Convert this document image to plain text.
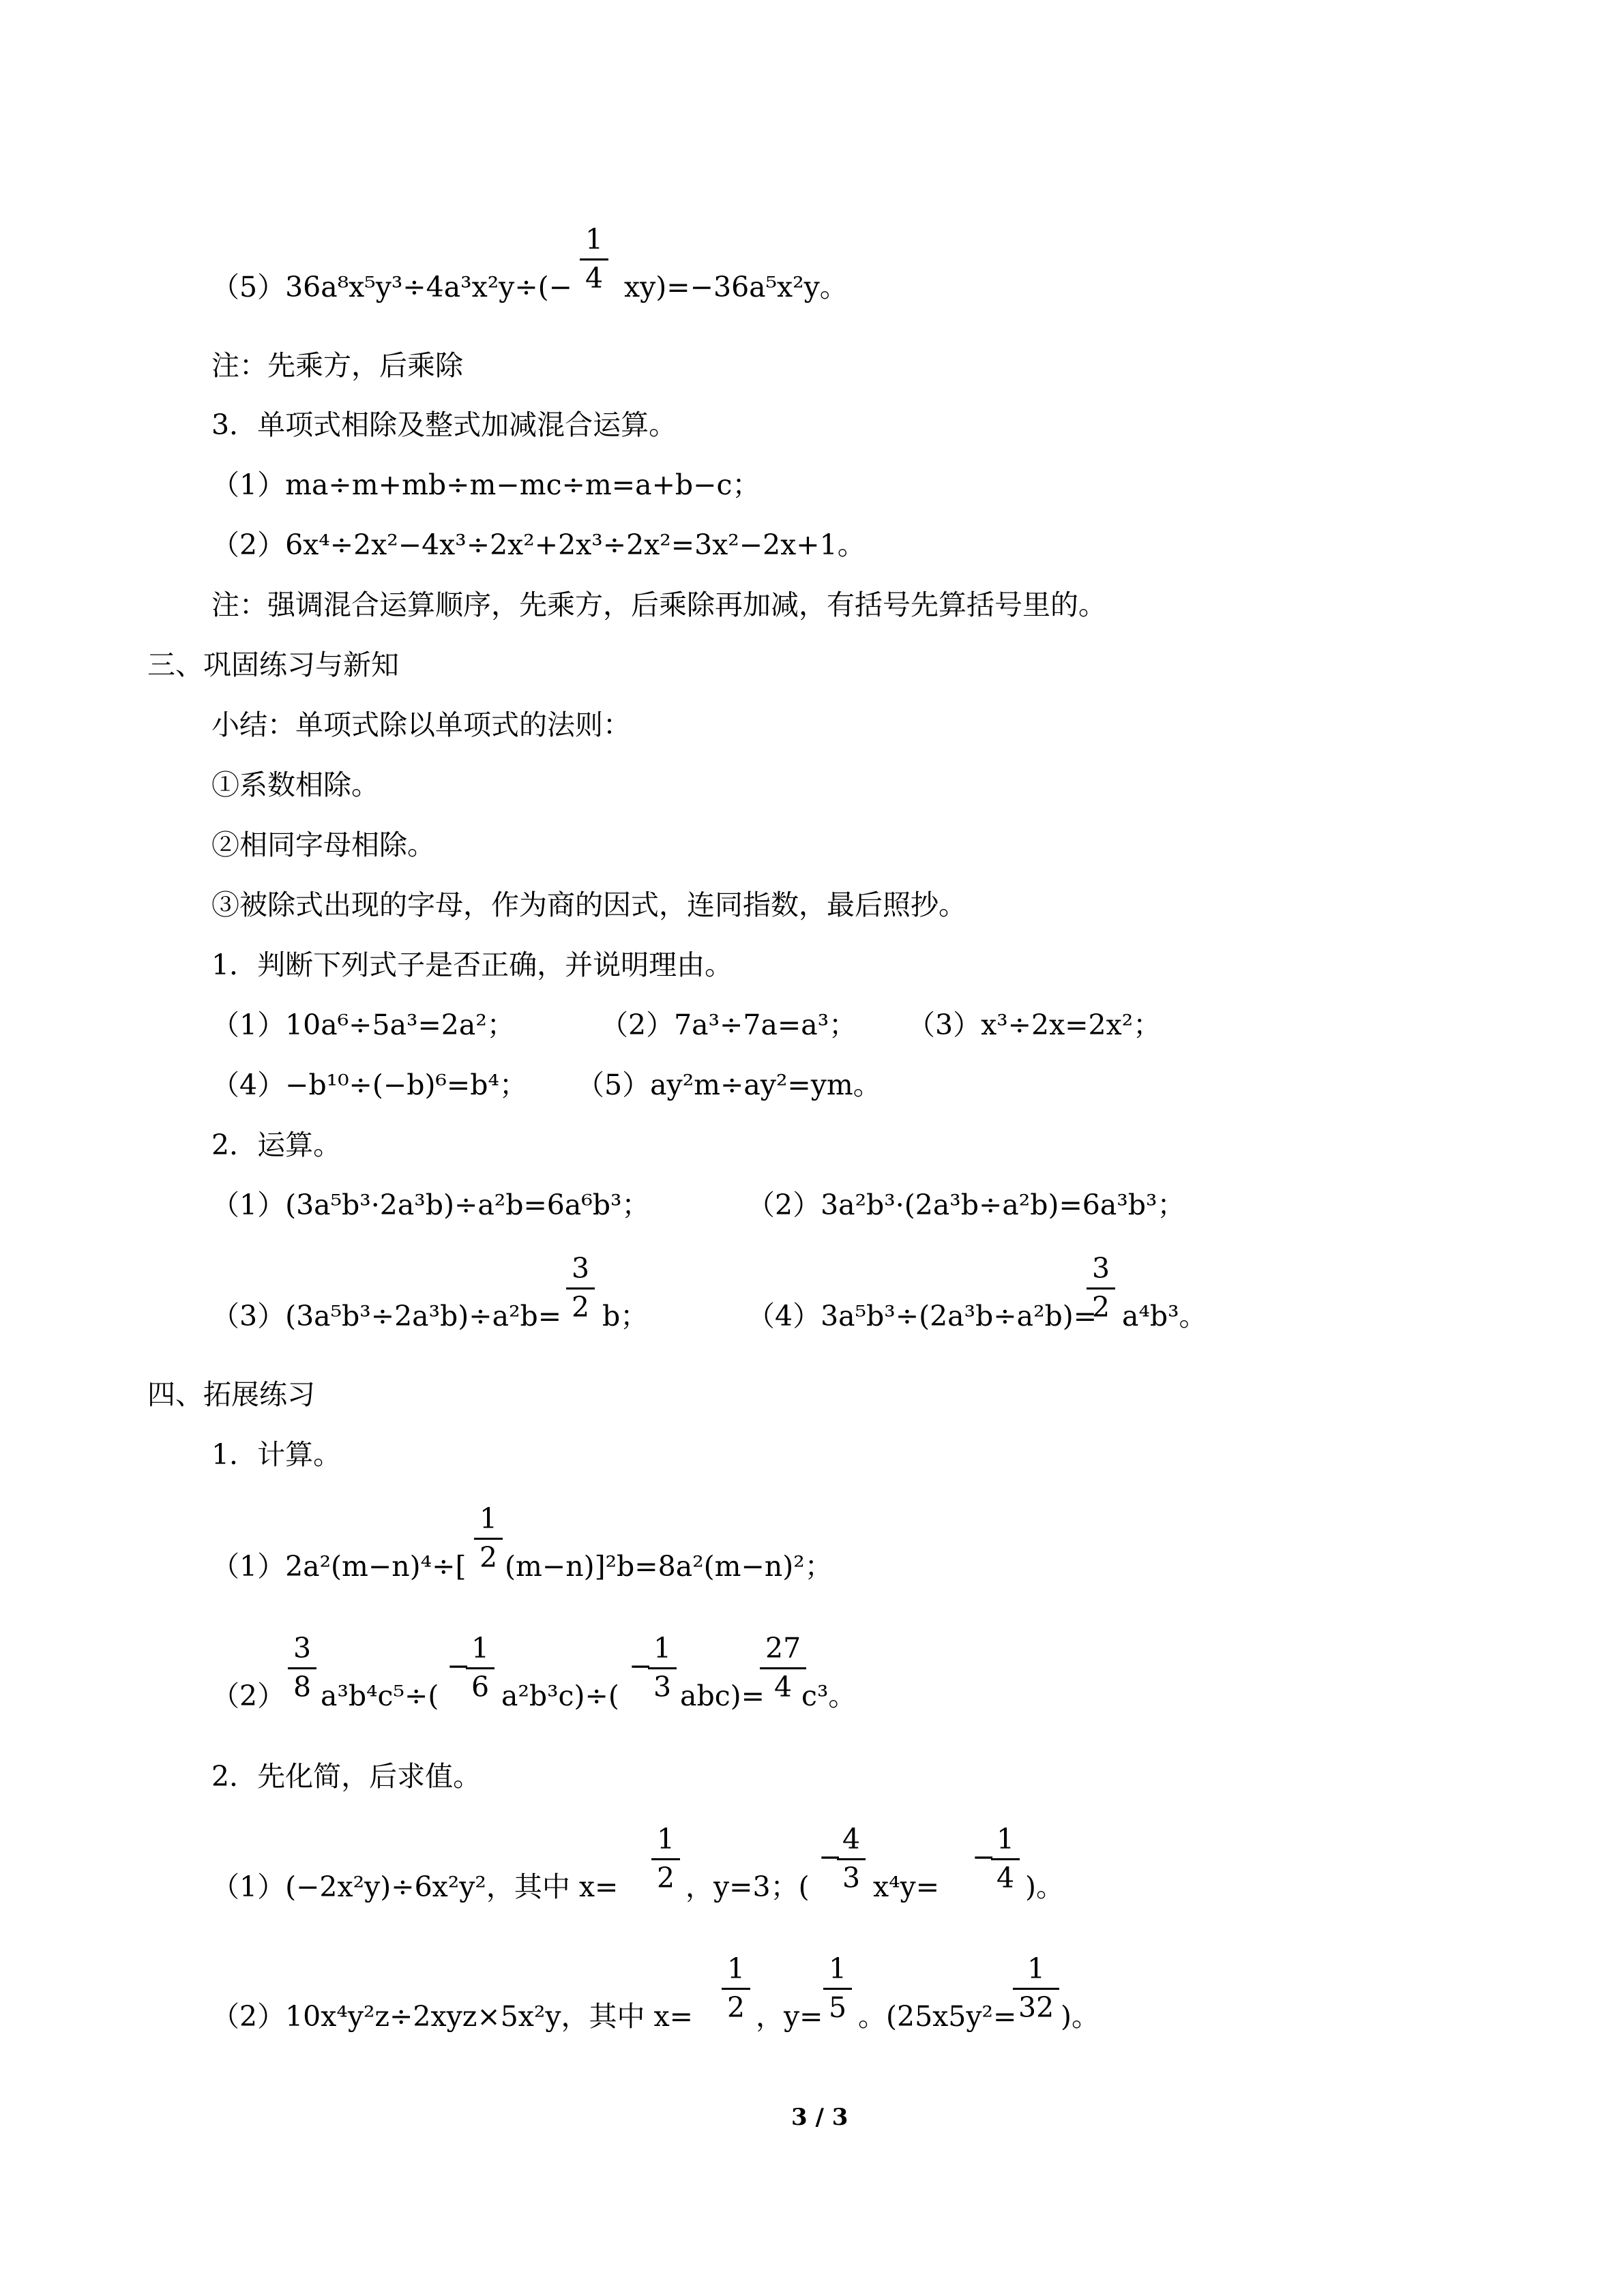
（5）36a⁸x⁵y³÷4a³x²y÷(−
1
4 xy)=−36a⁵x²y。
注：先乘方，后乘除
3．单项式相除及整式加减混合运算。
（1）ma÷m+mb÷m−mc÷m=a+b−c；
（2）6x⁴÷2x²−4x³÷2x²+2x³÷2x²=3x²−2x+1。
注：强调混合运算顺序，先乘方，后乘除再加减，有括号先算括号里的。
三、巩固练习与新知
小结：单项式除以单项式的法则：
①系数相除。
②相同字母相除。
③被除式出现的字母，作为商的因式，连同指数，最后照抄。
1．判断下列式子是否正确，并说明理由。
（1）10a⁶÷5a³=2a²；	（2）7a³÷7a=a³； （3）x³÷2x=2x²；
（4）−b¹⁰÷(−b)⁶=b⁴； （5）ay²m÷ay²=ym。
2．运算。
（1）(3a⁵b³·2a³b)÷a²b=6a⁶b³；	（2）3a²b³·(2a³b÷a²b)=6a³b³；
（3）(3a⁵b³÷2a³b)÷a²b=
3
2 b；	（4）3a⁵b³÷(2a³b÷a²b)=
3
2 a⁴b³。
四、拓展练习
1．计算。
（1）2a²(m−n)⁴÷[
1
2 (m−n)]²b=8a²(m−n)²；
（2）
3
8 a³b⁴c⁵÷(
−
1
6 a²b³c)÷(
−
1
3 abc)=
27
4 c³。
2．先化简，后求值。
（1）(−2x²y)÷6x²y²，其中 x=
1
2 ，y=3；(
−
4
3 x⁴y=
−
1
4 )。
（2）10x⁴y²z÷2xyz×5x²y，其中 x=
1
2 ，y=
1
5 。(25x5y²=
1
32 )。
3 / 3
